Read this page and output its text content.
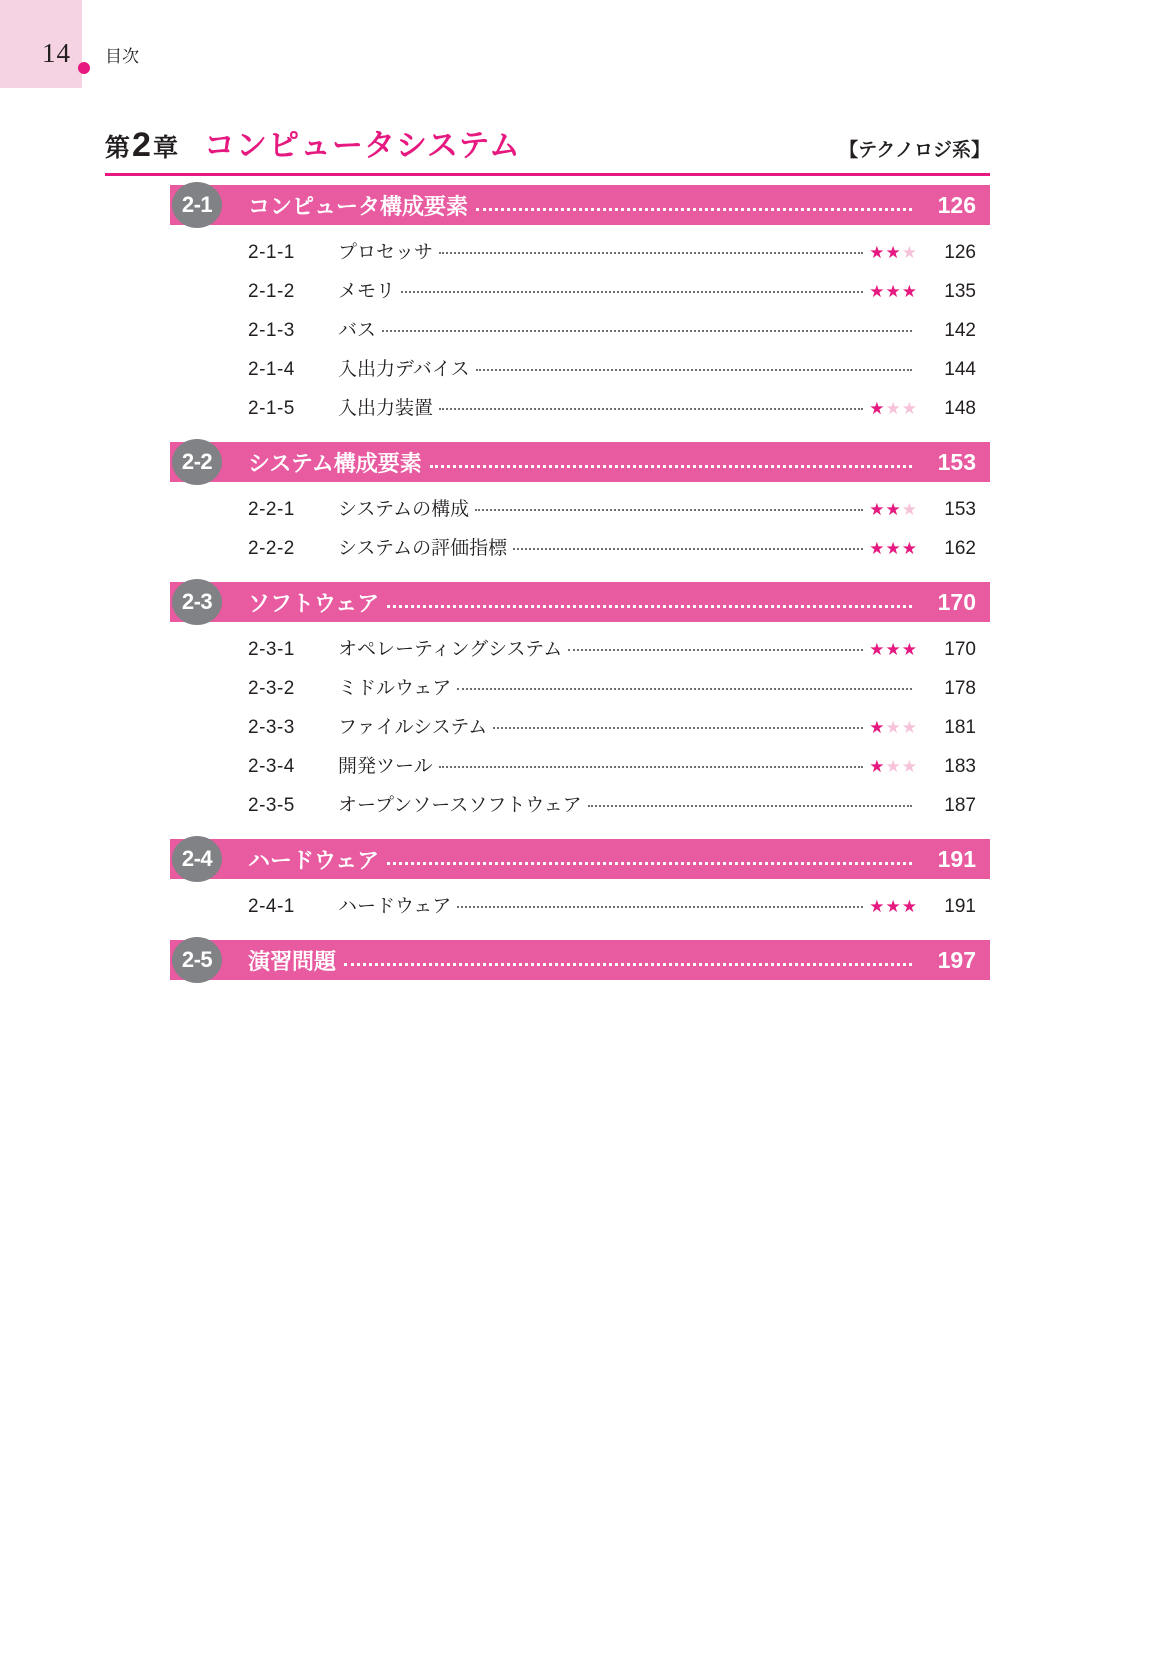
14 目次
第 2 章 コンピュータシステム	【テクノロジ系】
2-1	コンピュータ構成要素	126
2-1-1	プロセッサ	★★★	126
2-1-2	メモリ	★★★	135
2-1-3	バス	142
2-1-4	入出力デバイス	144
2-1-5	入出力装置	★★★	148
2-2	システム構成要素	153
2-2-1	システムの構成	★★★	153
2-2-2	システムの評価指標	★★★	162
2-3	ソフトウェア	170
2-3-1	オペレーティングシステム	★★★	170
2-3-2	ミドルウェア	178
2-3-3	ファイルシステム	★★★	181
2-3-4	開発ツール	★★★	183
2-3-5	オープンソースソフトウェア	187
2-4	ハードウェア	191
2-4-1	ハードウェア	★★★	191
2-5	演習問題	197
